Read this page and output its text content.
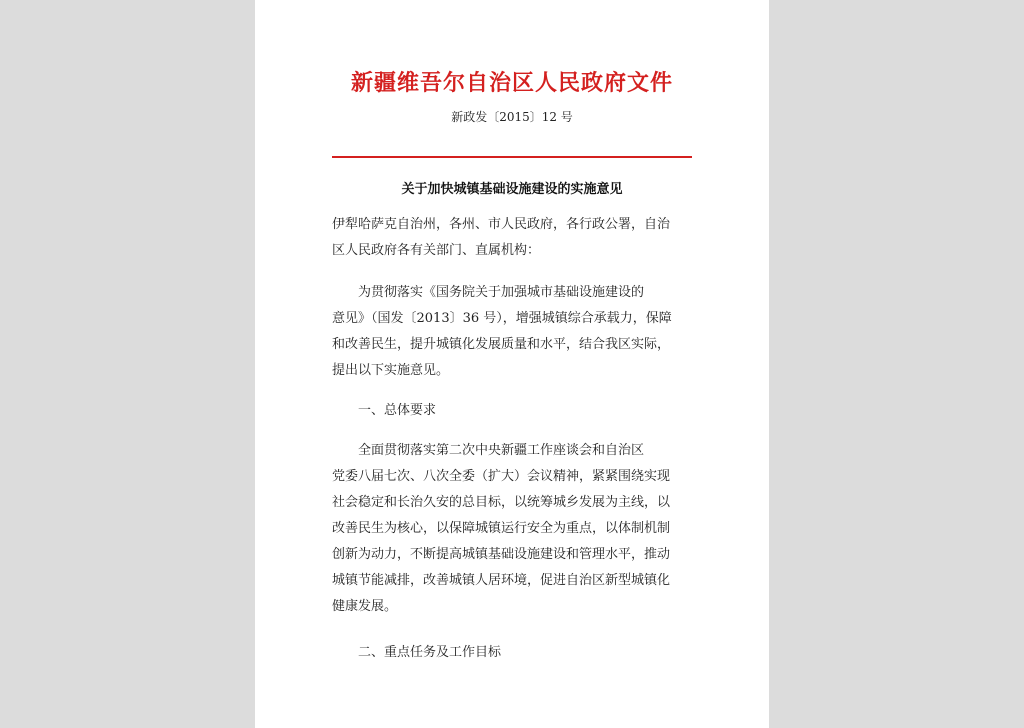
新疆维吾尔自治区人民政府文件
新政发〔2015〕12 号
关于加快城镇基础设施建设的实施意见
伊犁哈萨克自治州，各州、市人民政府，各行政公署，自治
区人民政府各有关部门、直属机构：
为贯彻落实《国务院关于加强城市基础设施建设的
意见》（国发〔2013〕36 号），增强城镇综合承载力，保障
和改善民生，提升城镇化发展质量和水平，结合我区实际，
提出以下实施意见。
一、总体要求
全面贯彻落实第二次中央新疆工作座谈会和自治区
党委八届七次、八次全委（扩大）会议精神，紧紧围绕实现
社会稳定和长治久安的总目标，以统筹城乡发展为主线，以
改善民生为核心，以保障城镇运行安全为重点，以体制机制
创新为动力，不断提高城镇基础设施建设和管理水平，推动
城镇节能减排，改善城镇人居环境，促进自治区新型城镇化
健康发展。
二、重点任务及工作目标
